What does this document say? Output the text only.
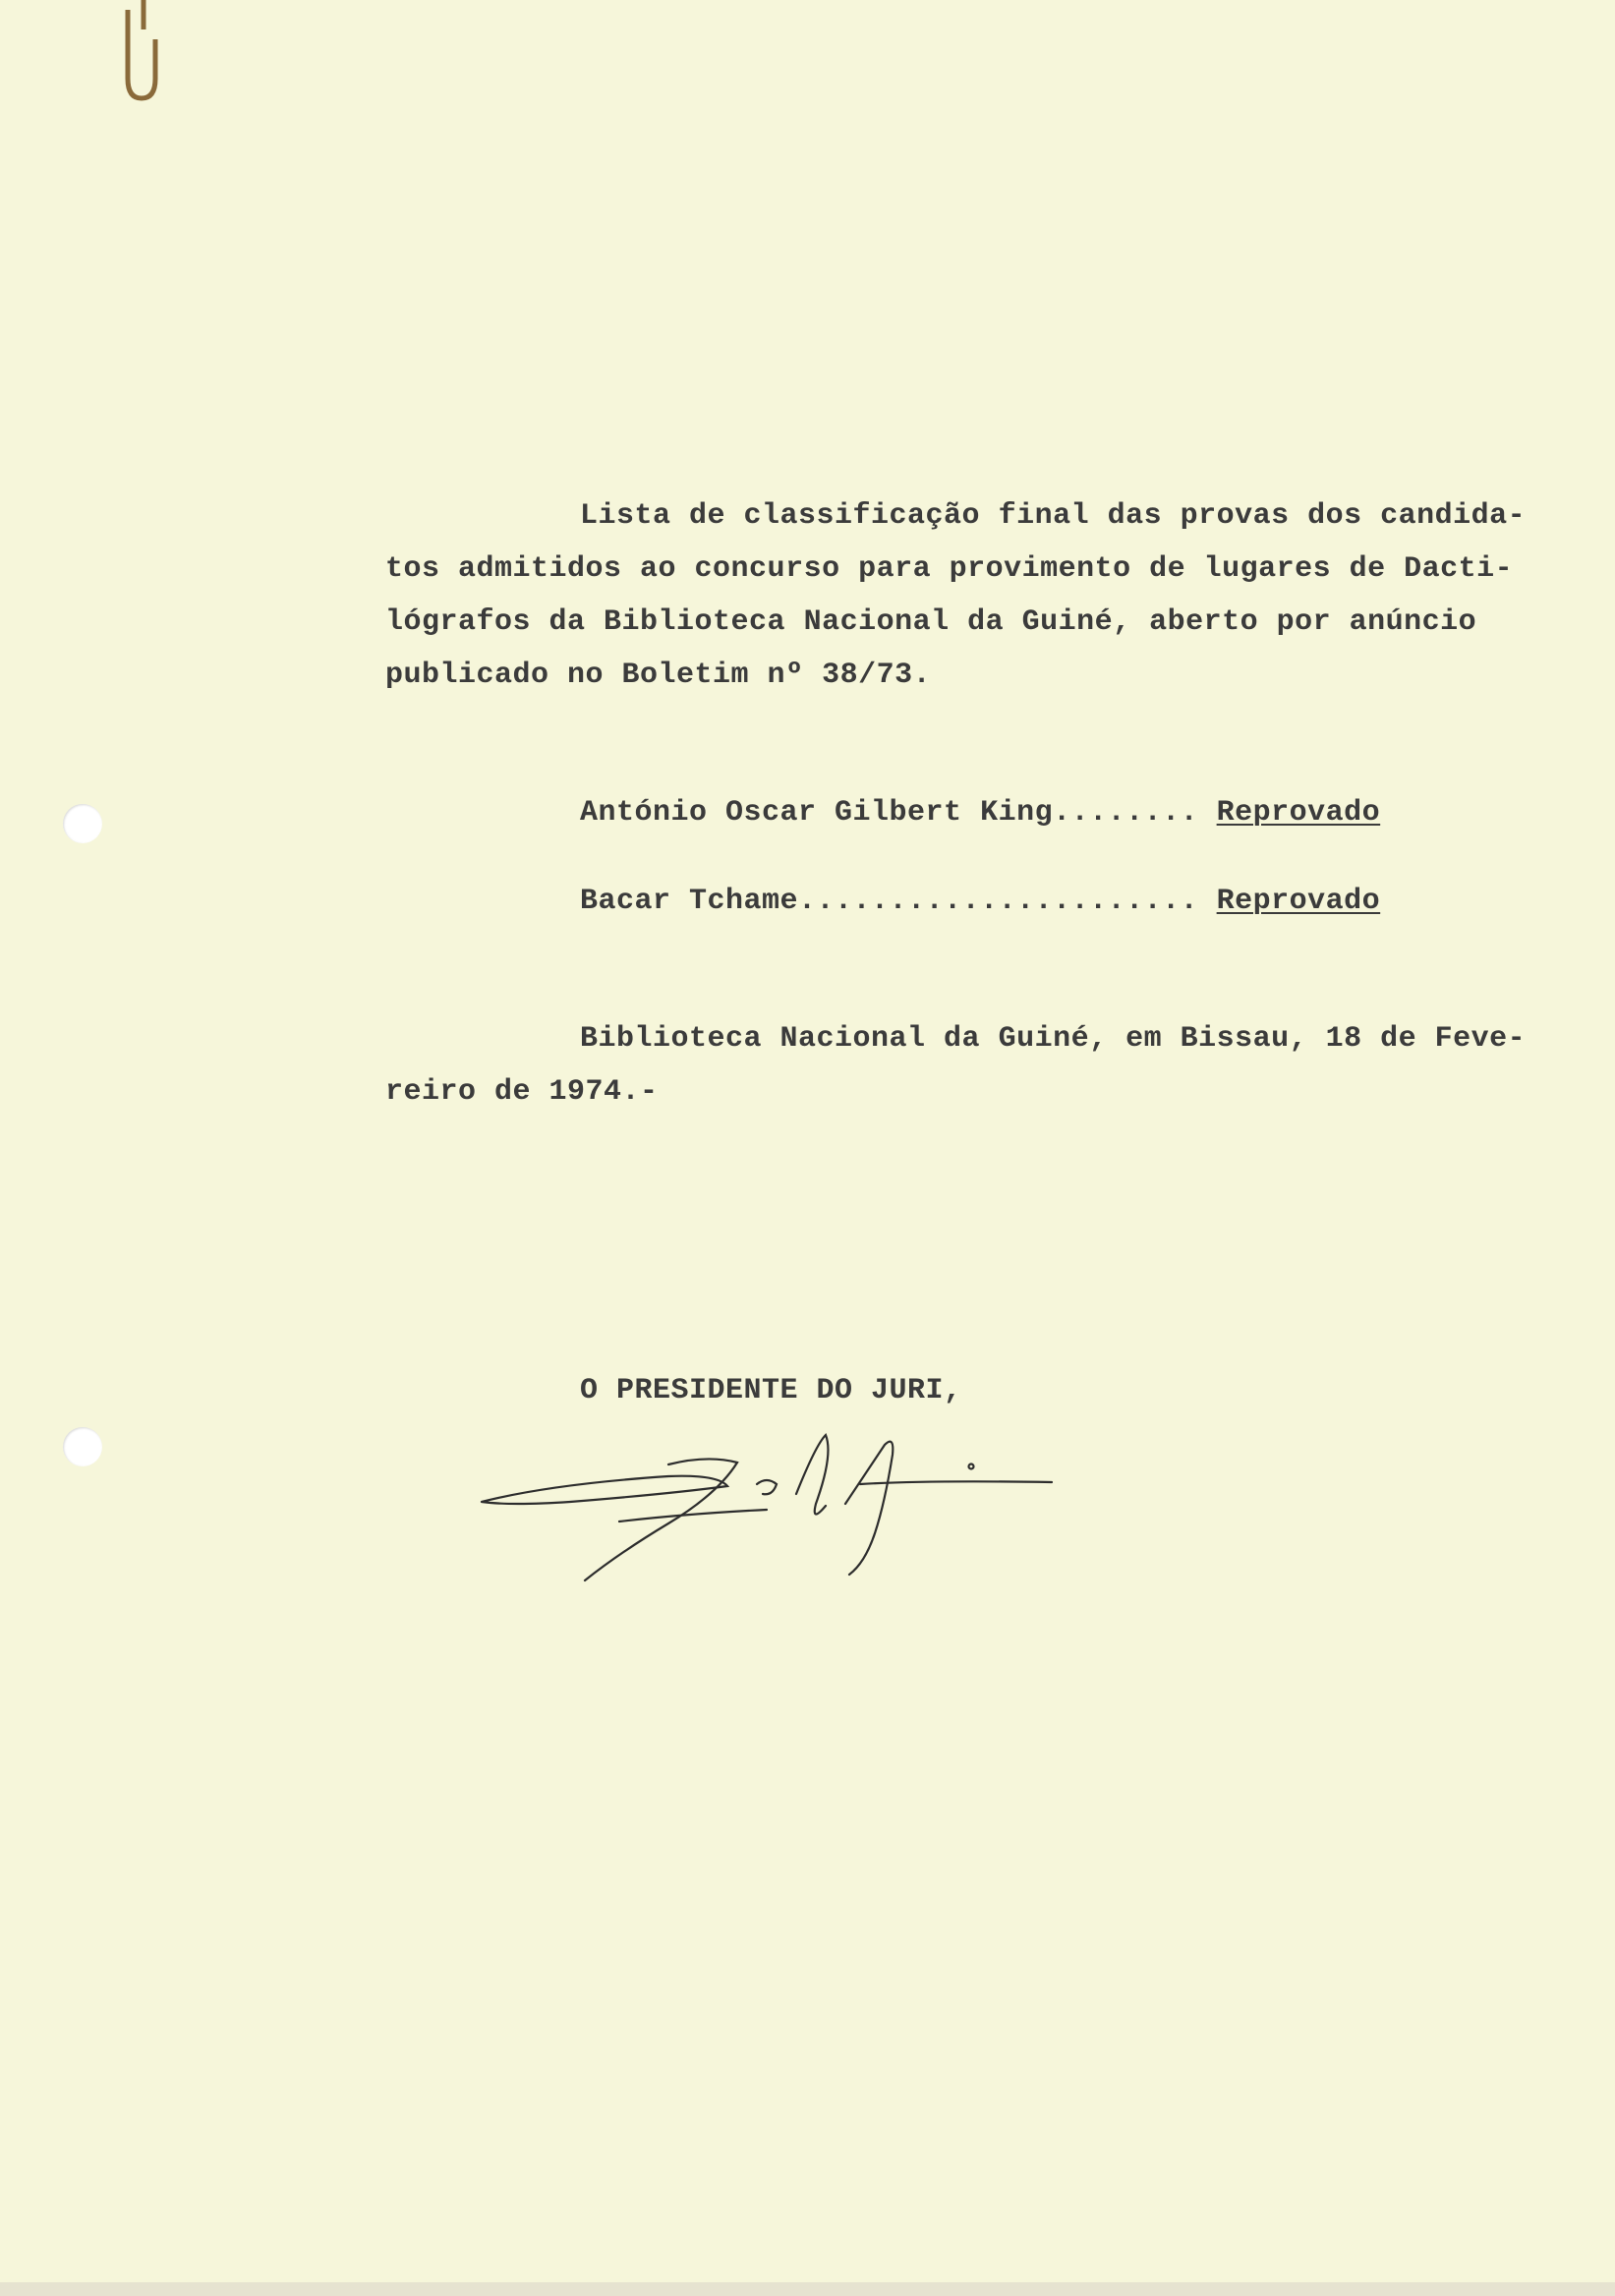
Lista de classificação final das provas dos candida-
tos admitidos ao concurso para provimento de lugares de Dacti-
lógrafos da Biblioteca Nacional da Guiné, aberto por anúncio
publicado no Boletim nº 38/73.
António Oscar Gilbert King........ Reprovado
Bacar Tchame...................... Reprovado
Biblioteca Nacional da Guiné, em Bissau, 18 de Feve-
reiro de 1974.-
O PRESIDENTE DO JURI,
